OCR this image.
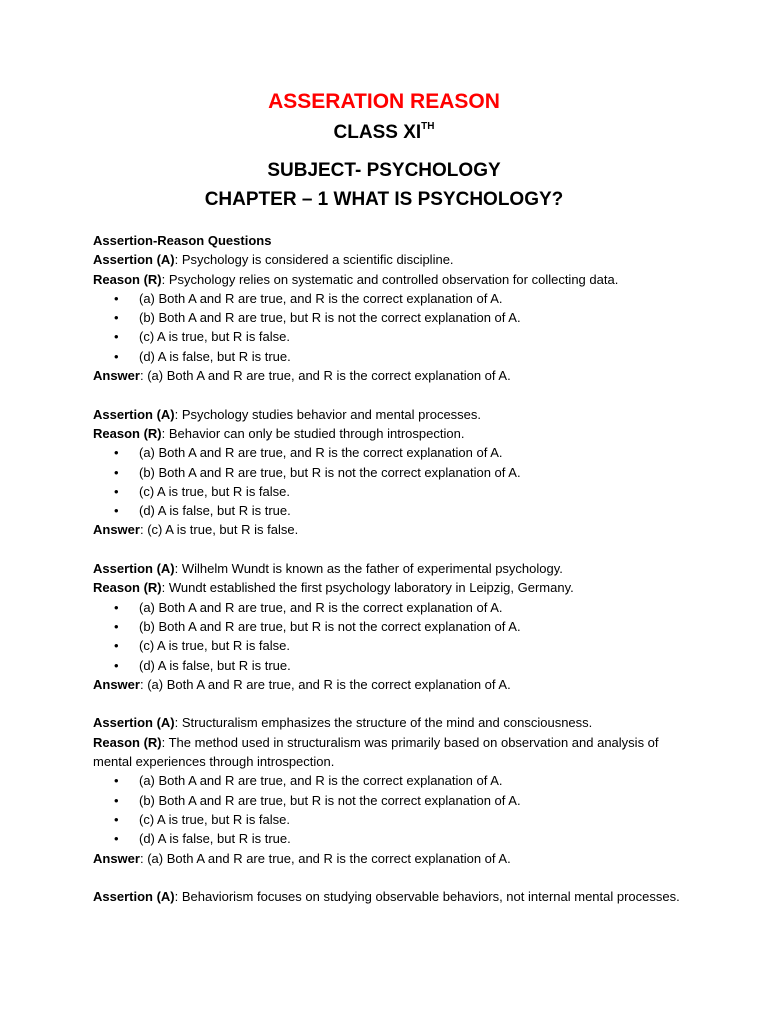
ASSERATION REASON
CLASS XITH
SUBJECT- PSYCHOLOGY
CHAPTER – 1 WHAT IS PSYCHOLOGY?

Assertion-Reason Questions

Assertion (A): Psychology is considered a scientific discipline.

Reason (R): Psychology relies on systematic and controlled observation for collecting data.

• (a) Both A and R are true, and R is the correct explanation of A.
• (b) Both A and R are true, but R is not the correct explanation of A.
• (c) A is true, but R is false.
• (d) A is false, but R is true.

Answer: (a) Both A and R are true, and R is the correct explanation of A.

Assertion (A): Psychology studies behavior and mental processes.

Reason (R): Behavior can only be studied through introspection.

• (a) Both A and R are true, and R is the correct explanation of A.
• (b) Both A and R are true, but R is not the correct explanation of A.
• (c) A is true, but R is false.
• (d) A is false, but R is true.

Answer: (c) A is true, but R is false.

Assertion (A): Wilhelm Wundt is known as the father of experimental psychology.

Reason (R): Wundt established the first psychology laboratory in Leipzig, Germany.

• (a) Both A and R are true, and R is the correct explanation of A.
• (b) Both A and R are true, but R is not the correct explanation of A.
• (c) A is true, but R is false.
• (d) A is false, but R is true.

Answer: (a) Both A and R are true, and R is the correct explanation of A.

Assertion (A): Structuralism emphasizes the structure of the mind and consciousness.

Reason (R): The method used in structuralism was primarily based on observation and analysis of mental experiences through introspection.

• (a) Both A and R are true, and R is the correct explanation of A.
• (b) Both A and R are true, but R is not the correct explanation of A.
• (c) A is true, but R is false.
• (d) A is false, but R is true.

Answer: (a) Both A and R are true, and R is the correct explanation of A.

Assertion (A): Behaviorism focuses on studying observable behaviors, not internal mental processes.
